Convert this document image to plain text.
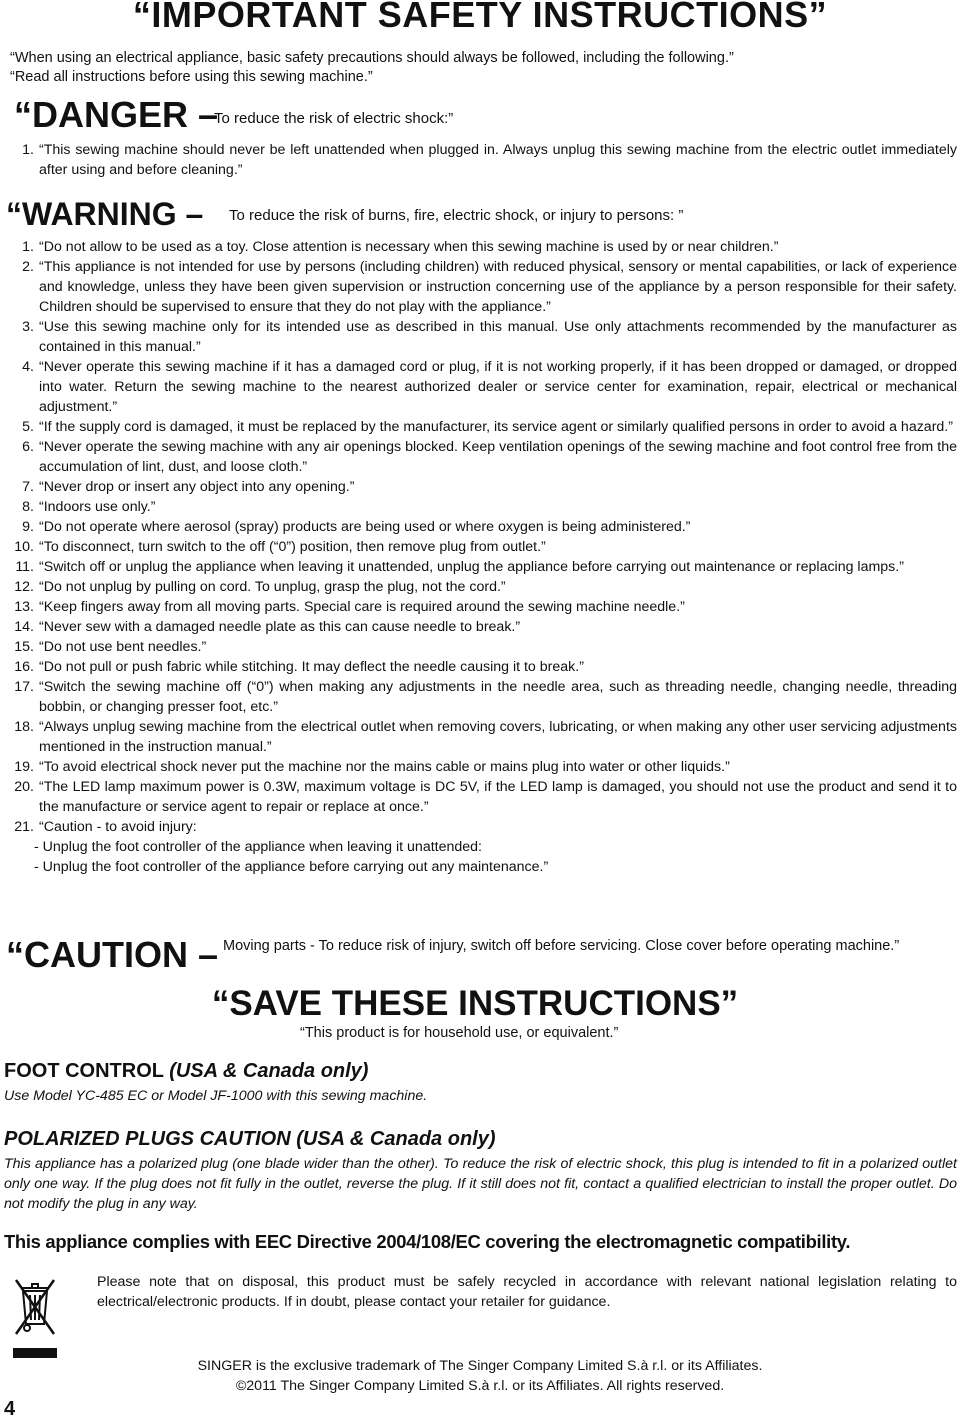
“IMPORTANT SAFETY INSTRUCTIONS”
“When using an electrical appliance, basic safety precautions should always be followed, including the following.”
“Read all instructions before using this sewing machine.”
“DANGER –
To reduce the risk of electric shock:”
1. “This sewing machine should never be left unattended when plugged in. Always unplug this sewing machine from the electric outlet immediately after using and before cleaning.”
“WARNING – To reduce the risk of burns, fire, electric shock, or injury to persons: ”
1. “Do not allow to be used as a toy. Close attention is necessary when this sewing machine is used by or near children.”
2. “This appliance is not intended for use by persons (including children) with reduced physical, sensory or mental capabilities, or lack of experience and knowledge, unless they have been given supervision or instruction concerning use of the appliance by a person responsible for their safety. Children should be supervised to ensure that they do not play with the appliance.”
3. “Use this sewing machine only for its intended use as described in this manual. Use only attachments recommended by the manufacturer as contained in this manual.”
4. “Never operate this sewing machine if it has a damaged cord or plug, if it is not working properly, if it has been dropped or damaged, or dropped into water. Return the sewing machine to the nearest authorized dealer or service center for examination, repair, electrical or mechanical adjustment.”
5. “If the supply cord is damaged, it must be replaced by the manufacturer, its service agent or similarly qualified persons in order to avoid a hazard.”
6. “Never operate the sewing machine with any air openings blocked. Keep ventilation openings of the sewing machine and foot control free from the accumulation of lint, dust, and loose cloth.”
7. “Never drop or insert any object into any opening.”
8. “Indoors use only.”
9. “Do not operate where aerosol (spray) products are being used or where oxygen is being administered.”
10. “To disconnect, turn switch to the off (“0”) position, then remove plug from outlet.”
11. “Switch off or unplug the appliance when leaving it unattended, unplug the appliance before carrying out maintenance or replacing lamps.”
12. “Do not unplug by pulling on cord. To unplug, grasp the plug, not the cord.”
13. “Keep fingers away from all moving parts. Special care is required around the sewing machine needle.”
14. “Never sew with a damaged needle plate as this can cause needle to break.”
15. “Do not use bent needles.”
16. “Do not pull or push fabric while stitching. It may deflect the needle causing it to break.”
17. “Switch the sewing machine off (“0”) when making any adjustments in the needle area, such as threading needle, changing needle, threading bobbin, or changing presser foot, etc.”
18. “Always unplug sewing machine from the electrical outlet when removing covers, lubricating, or when making any other user servicing adjustments mentioned in the instruction manual.”
19. “To avoid electrical shock never put the machine nor the mains cable or mains plug into water or other liquids.”
20. “The LED lamp maximum power is 0.3W, maximum voltage is DC 5V, if the LED lamp is damaged, you should not use the product and send it to the manufacture or service agent to repair or replace at once.”
21. “Caution - to avoid injury:
- Unplug the foot controller of the appliance when leaving it unattended:
- Unplug the foot controller of the appliance before carrying out any maintenance.”
“CAUTION – Moving parts - To reduce risk of injury, switch off before servicing. Close cover before operating machine.”
“SAVE THESE INSTRUCTIONS”
“This product is for household use, or equivalent.”
FOOT CONTROL (USA & Canada only)
Use Model YC-485 EC or Model JF-1000 with this sewing machine.
POLARIZED PLUGS CAUTION (USA & Canada only)
This appliance has a polarized plug (one blade wider than the other). To reduce the risk of electric shock, this plug is intended to fit in a polarized outlet only one way. If the plug does not fit fully in the outlet, reverse the plug. If it still does not fit, contact a qualified electrician to install the proper outlet. Do not modify the plug in any way.
This appliance complies with EEC Directive 2004/108/EC covering the electromagnetic compatibility.
Please note that on disposal, this product must be safely recycled in accordance with relevant national legislation relating to electrical/electronic products. If in doubt, please contact your retailer for guidance.
SINGER is the exclusive trademark of The Singer Company Limited S.à r.l. or its Affiliates.
©2011 The Singer Company Limited S.à r.l. or its Affiliates. All rights reserved.
4
